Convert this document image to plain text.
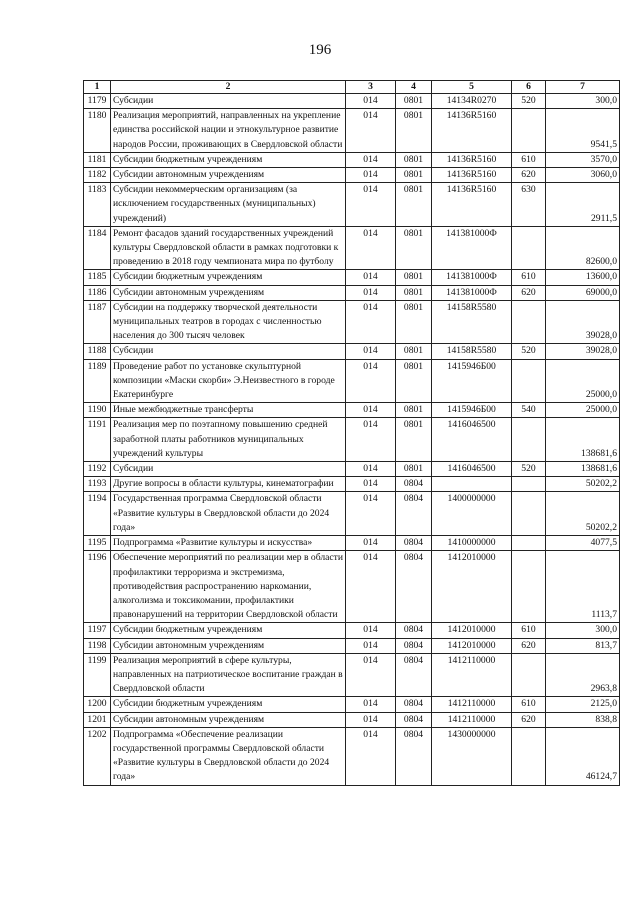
196
1	2	3	4	5	6	7
1179	Субсидии	014	0801	14134R0270	520	300,0
1180	Реализация мероприятий, направленных на укрепление единства российской нации и этнокультурное развитие народов России, проживающих в Свердловской области	014	0801	14136R5160		9541,5
1181	Субсидии бюджетным учреждениям	014	0801	14136R5160	610	3570,0
1182	Субсидии автономным учреждениям	014	0801	14136R5160	620	3060,0
1183	Субсидии некоммерческим организациям (за исключением государственных (муниципальных) учреждений)	014	0801	14136R5160	630	2911,5
1184	Ремонт фасадов зданий государственных учреждений культуры Свердловской области в рамках подготовки к проведению в 2018 году чемпионата мира по футболу	014	0801	141381000Ф		82600,0
1185	Субсидии бюджетным учреждениям	014	0801	141381000Ф	610	13600,0
1186	Субсидии автономным учреждениям	014	0801	141381000Ф	620	69000,0
1187	Субсидии на поддержку творческой деятельности муниципальных театров в городах с численностью населения до 300 тысяч человек	014	0801	14158R5580		39028,0
1188	Субсидии	014	0801	14158R5580	520	39028,0
1189	Проведение работ по установке скульптурной композиции «Маски скорби» Э.Неизвестного в городе Екатеринбурге	014	0801	1415946Б00		25000,0
1190	Иные межбюджетные трансферты	014	0801	1415946Б00	540	25000,0
1191	Реализация мер по поэтапному повышению средней заработной платы работников муниципальных учреждений культуры	014	0801	1416046500		138681,6
1192	Субсидии	014	0801	1416046500	520	138681,6
1193	Другие вопросы в области культуры, кинематографии	014	0804			50202,2
1194	Государственная программа Свердловской области «Развитие культуры в Свердловской области до 2024 года»	014	0804	1400000000		50202,2
1195	Подпрограмма «Развитие культуры и искусства»	014	0804	1410000000		4077,5
1196	Обеспечение мероприятий по реализации мер в области профилактики терроризма и экстремизма, противодействия распространению наркомании, алкоголизма и токсикомании, профилактики правонарушений на территории Свердловской области	014	0804	1412010000		1113,7
1197	Субсидии бюджетным учреждениям	014	0804	1412010000	610	300,0
1198	Субсидии автономным учреждениям	014	0804	1412010000	620	813,7
1199	Реализация мероприятий в сфере культуры, направленных на патриотическое воспитание граждан в Свердловской области	014	0804	1412110000		2963,8
1200	Субсидии бюджетным учреждениям	014	0804	1412110000	610	2125,0
1201	Субсидии автономным учреждениям	014	0804	1412110000	620	838,8
1202	Подпрограмма «Обеспечение реализации государственной программы Свердловской области «Развитие культуры в Свердловской области до 2024 года»	014	0804	1430000000		46124,7
